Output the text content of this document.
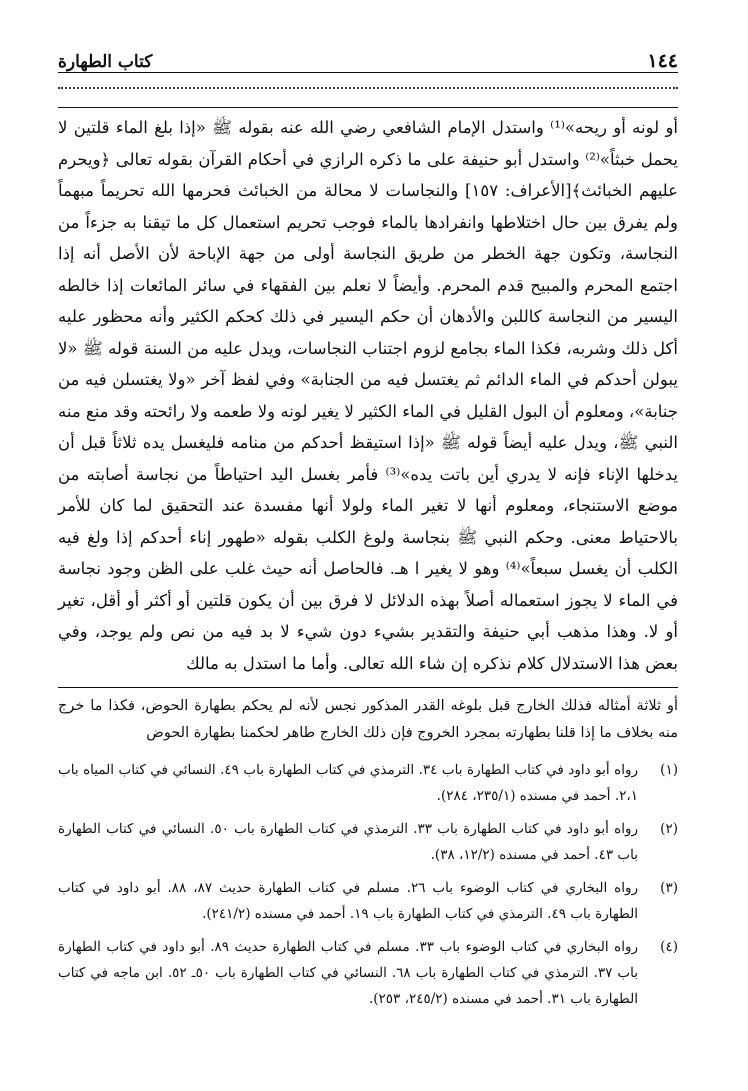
١٤٤
كتاب الطهارة

أو لونه أو ريحه»⁽¹⁾ واستدل الإمام الشافعي رضي الله عنه بقوله ﷺ «إذا بلغ الماء قلتين لا يحمل خبثاً»⁽²⁾ واستدل أبو حنيفة على ما ذكره الرازي في أحكام القرآن بقوله تعالى ﴿ويحرم عليهم الخبائث﴾[الأعراف: ١٥٧] والنجاسات لا محالة من الخبائث فحرمها الله تحريماً مبهماً ولم يفرق بين حال اختلاطها وانفرادها بالماء فوجب تحريم استعمال كل ما تيقنا به جزءاً من النجاسة، وتكون جهة الخطر من طريق النجاسة أولى من جهة الإباحة لأن الأصل أنه إذا اجتمع المحرم والمبيح قدم المحرم. وأيضاً لا نعلم بين الفقهاء في سائر المائعات إذا خالطه اليسير من النجاسة كاللبن والأدهان أن حكم اليسير في ذلك كحكم الكثير وأنه محظور عليه أكل ذلك وشربه، فكذا الماء بجامع لزوم اجتناب النجاسات، ويدل عليه من السنة قوله ﷺ «لا يبولن أحدكم في الماء الدائم ثم يغتسل فيه من الجنابة» وفي لفظ آخر «ولا يغتسلن فيه من جنابة»، ومعلوم أن البول القليل في الماء الكثير لا يغير لونه ولا طعمه ولا رائحته وقد منع منه النبي ﷺ، ويدل عليه أيضاً قوله ﷺ «إذا استيقظ أحدكم من منامه فليغسل يده ثلاثاً قبل أن يدخلها الإناء فإنه لا يدري أين باتت يده»⁽³⁾ فأمر بغسل اليد احتياطاً من نجاسة أصابته من موضع الاستنجاء، ومعلوم أنها لا تغير الماء ولولا أنها مفسدة عند التحقيق لما كان للأمر بالاحتياط معنى. وحكم النبي ﷺ بنجاسة ولوغ الكلب بقوله «طهور إناء أحدكم إذا ولغ فيه الكلب أن يغسل سبعاً»⁽⁴⁾ وهو لا يغير ا هـ. فالحاصل أنه حيث غلب على الظن وجود نجاسة في الماء لا يجوز استعماله أصلاً بهذه الدلائل لا فرق بين أن يكون قلتين أو أكثر أو أقل، تغير أو لا. وهذا مذهب أبي حنيفة والتقدير بشيء دون شيء لا بد فيه من نص ولم يوجد، وفي بعض هذا الاستدلال كلام نذكره إن شاء الله تعالى. وأما ما استدل به مالك

أو ثلاثة أمثاله فذلك الخارج قبل بلوغه القدر المذكور نجس لأنه لم يحكم بطهارة الحوض، فكذا ما خرج منه بخلاف ما إذا قلنا بطهارته بمجرد الخروج فإن ذلك الخارج طاهر لحكمنا بطهارة الحوض
(١)
رواه أبو داود في كتاب الطهارة باب ٣٤. الترمذي في كتاب الطهارة باب ٤٩. النسائي في كتاب المياه باب ٢،١. أحمد في مسنده (٢٣٥/١، ٢٨٤).
(٢)
رواه أبو داود في كتاب الطهارة باب ٣٣. الترمذي في كتاب الطهارة باب ٥٠. النسائي في كتاب الطهارة باب ٤٣. أحمد في مسنده (١٢/٢، ٣٨).
(٣)
رواه البخاري في كتاب الوضوء باب ٢٦. مسلم في كتاب الطهارة حديث ٨٧، ٨٨. أبو داود في كتاب الطهارة باب ٤٩. الترمذي في كتاب الطهارة باب ١٩. أحمد في مسنده (٢٤١/٢).
(٤)
رواه البخاري في كتاب الوضوء باب ٣٣. مسلم في كتاب الطهارة حديث ٨٩. أبو داود في كتاب الطهارة باب ٣٧. الترمذي في كتاب الطهارة باب ٦٨. النسائي في كتاب الطهارة باب ٥٠ـ ٥٢. ابن ماجه في كتاب الطهارة باب ٣١. أحمد في مسنده (٢٤٥/٢، ٢٥٣).
